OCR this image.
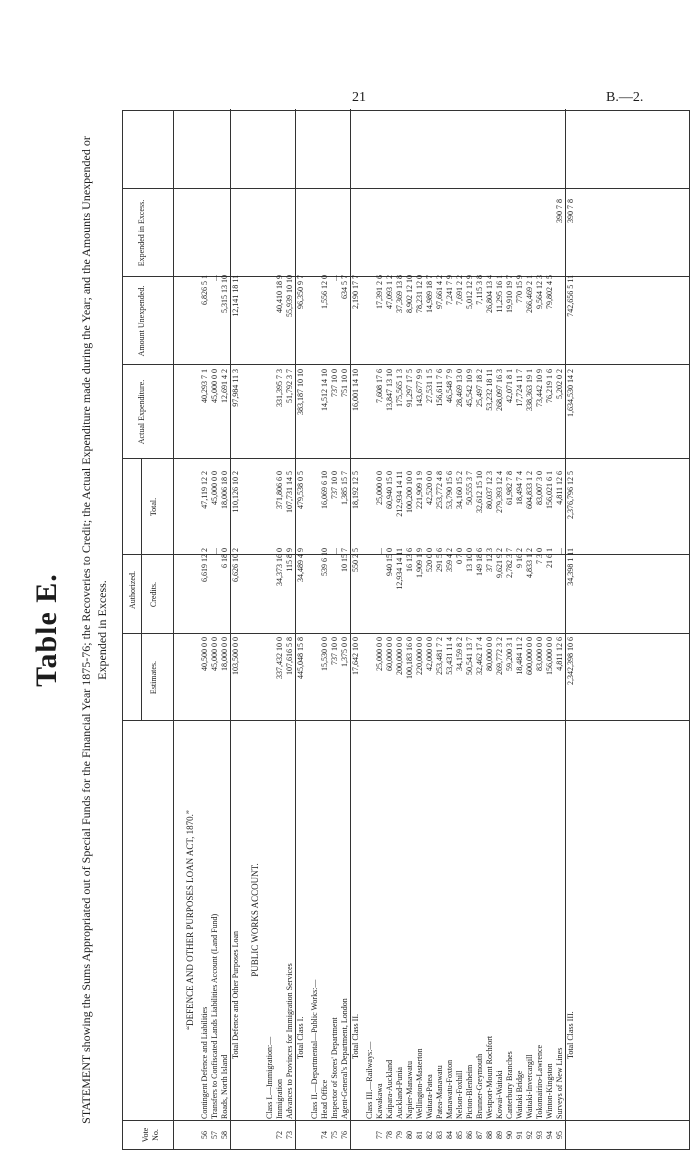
21	B.—2.
Table E. STATEMENT showing the Sums Appropriated out of Special Funds for the Financial Year 1875-76; the Recoveries to Credit; the Actual Expenditure made during the Year; and the Amounts Unexpended or Expended in Excess.
Vote No.
Authorized.
Estimates.
Credits.
Total.
Actual Expenditure.
Amount Unexpended.
Expended in Excess.
“DEFENCE AND OTHER PURPOSES LOAN ACT, 1870.”
56
Contingent Defence and Liabilities
40,500 0 0
6,619 12 2
47,119 12 2
40,293 7 1
6,826 5 1
57
Transfers to Confiscated Lands Liabilities Account (Land Fund)
45,000 0 0
...
45,000 0 0
45,000 0 0
...
58
Roads, North Island
18,000 0 0
6 18 0
18,006 18 0
12,691 4 2
5,315 13 10
Total Defence and Other Purposes Loan
103,500 0 0
6,626 10 2
110,126 10 2
97,984 11 3
12,141 18 11
PUBLIC WORKS ACCOUNT.
Class I.—Immigration:—
72
Immigration
337,432 10 0
34,373 16 0
371,806 6 0
331,395 7 3
40,410 18 9
73
Advances to Provinces for Immigration Services
107,616 5 8
115 8 9
107,731 14 5
51,792 3 7
55,939 10 10
Total Class I.
445,048 15 8
34,489 4 9
479,538 0 5
383,187 10 10
96,350 9 7
Class II.—Departmental—Public Works:—
74
Head Office
15,530 0 0
539 6 10
16,069 6 10
14,512 14 10
1,556 12 0
75
Inspector of Stores' Department
737 10 0
...
737 10 0
737 10 0
...
76
Agent-General's Department, London
1,375 0 0
10 15 7
1,385 15 7
751 10 0
634 5 7
Total Class II.
17,642 10 0
550 2 5
18,192 12 5
16,001 14 10
2,190 17 7
Class III.—Railways:—
77
Kawakawa
25,000 0 0
...
25,000 0 0
7,608 17 6
17,391 2 6
78
Kaipara-Auckland
60,000 0 0
940 15 0
60,940 15 0
13,847 13 10
47,093 1 2
79
Auckland-Punia
200,000 0 0
12,934 14 11
212,934 14 11
175,565 1 3
37,369 13 8
80
Napier-Manawatu
100,183 16 0
16 13 6
100,200 10 0
91,297 17 5
8,902 12 10
81
Wellington-Masterton
220,000 0 0
1,909 1 9
221,909 1 9
143,677 9 9
78,231 12 0
82
Waitara-Patea
42,000 0 0
520 0 0
42,520 0 0
27,531 1 5
14,989 18 7
83
Patea-Manawatu
253,481 7 2
291 5 6
253,772 4 8
156,611 7 6
97,661 4 2
84
Manawatu-Foxton
53,431 11 4
359 4 2
53,790 15 6
46,548 7 9
7,241 7 9
85
Nelson-Foxhill
34,159 8 2
0 7 0
34,160 15 2
28,469 13 0
7,691 2 2
86
Picton-Blenheim
50,541 13 7
13 10 0
50,555 3 7
45,542 10 9
5,012 12 9
87
Brunner-Greymouth
32,462 17 4
149 18 6
32,612 15 10
25,497 18 2
7,115 3 8
88
Westport-Mount Rochfort
80,000 0 0
37 12 3
80,037 12 3
53,232 18 11
26,804 13 4
89
Kowai-Waitaki
269,772 3 2
9,621 9 2
279,393 12 4
268,097 16 3
11,295 16 1
90
Canterbury Branches
59,200 3 1
2,782 3 7
61,982 7 8
42,071 8 1
19,910 19 7
91
Waitaki Bridge
18,484 11 2
9 16 2
18,494 7 4
17,724 11 7
770 15 9
92
Waitaki-Invercargill
600,000 0 0
4,833 1 2
604,833 1 2
338,363 19 1
266,469 2 1
93
Tokomairiro-Lawrence
83,000 0 0
7 3 0
83,007 3 0
73,442 10 9
9,564 12 3
94
Winton-Kingston
156,000 0 0
21 6 1
156,021 6 1
76,219 1 6
79,802 4 5
95
Surveys of New Lines
4,811 12 6
...
4,811 12 6
5,202 0 2
390 7 8
Total Class III.
2,342,398 10 6
34,398 1 11
2,376,796 12 5
1,634,530 14 2
742,656 5 11
390 7 8
